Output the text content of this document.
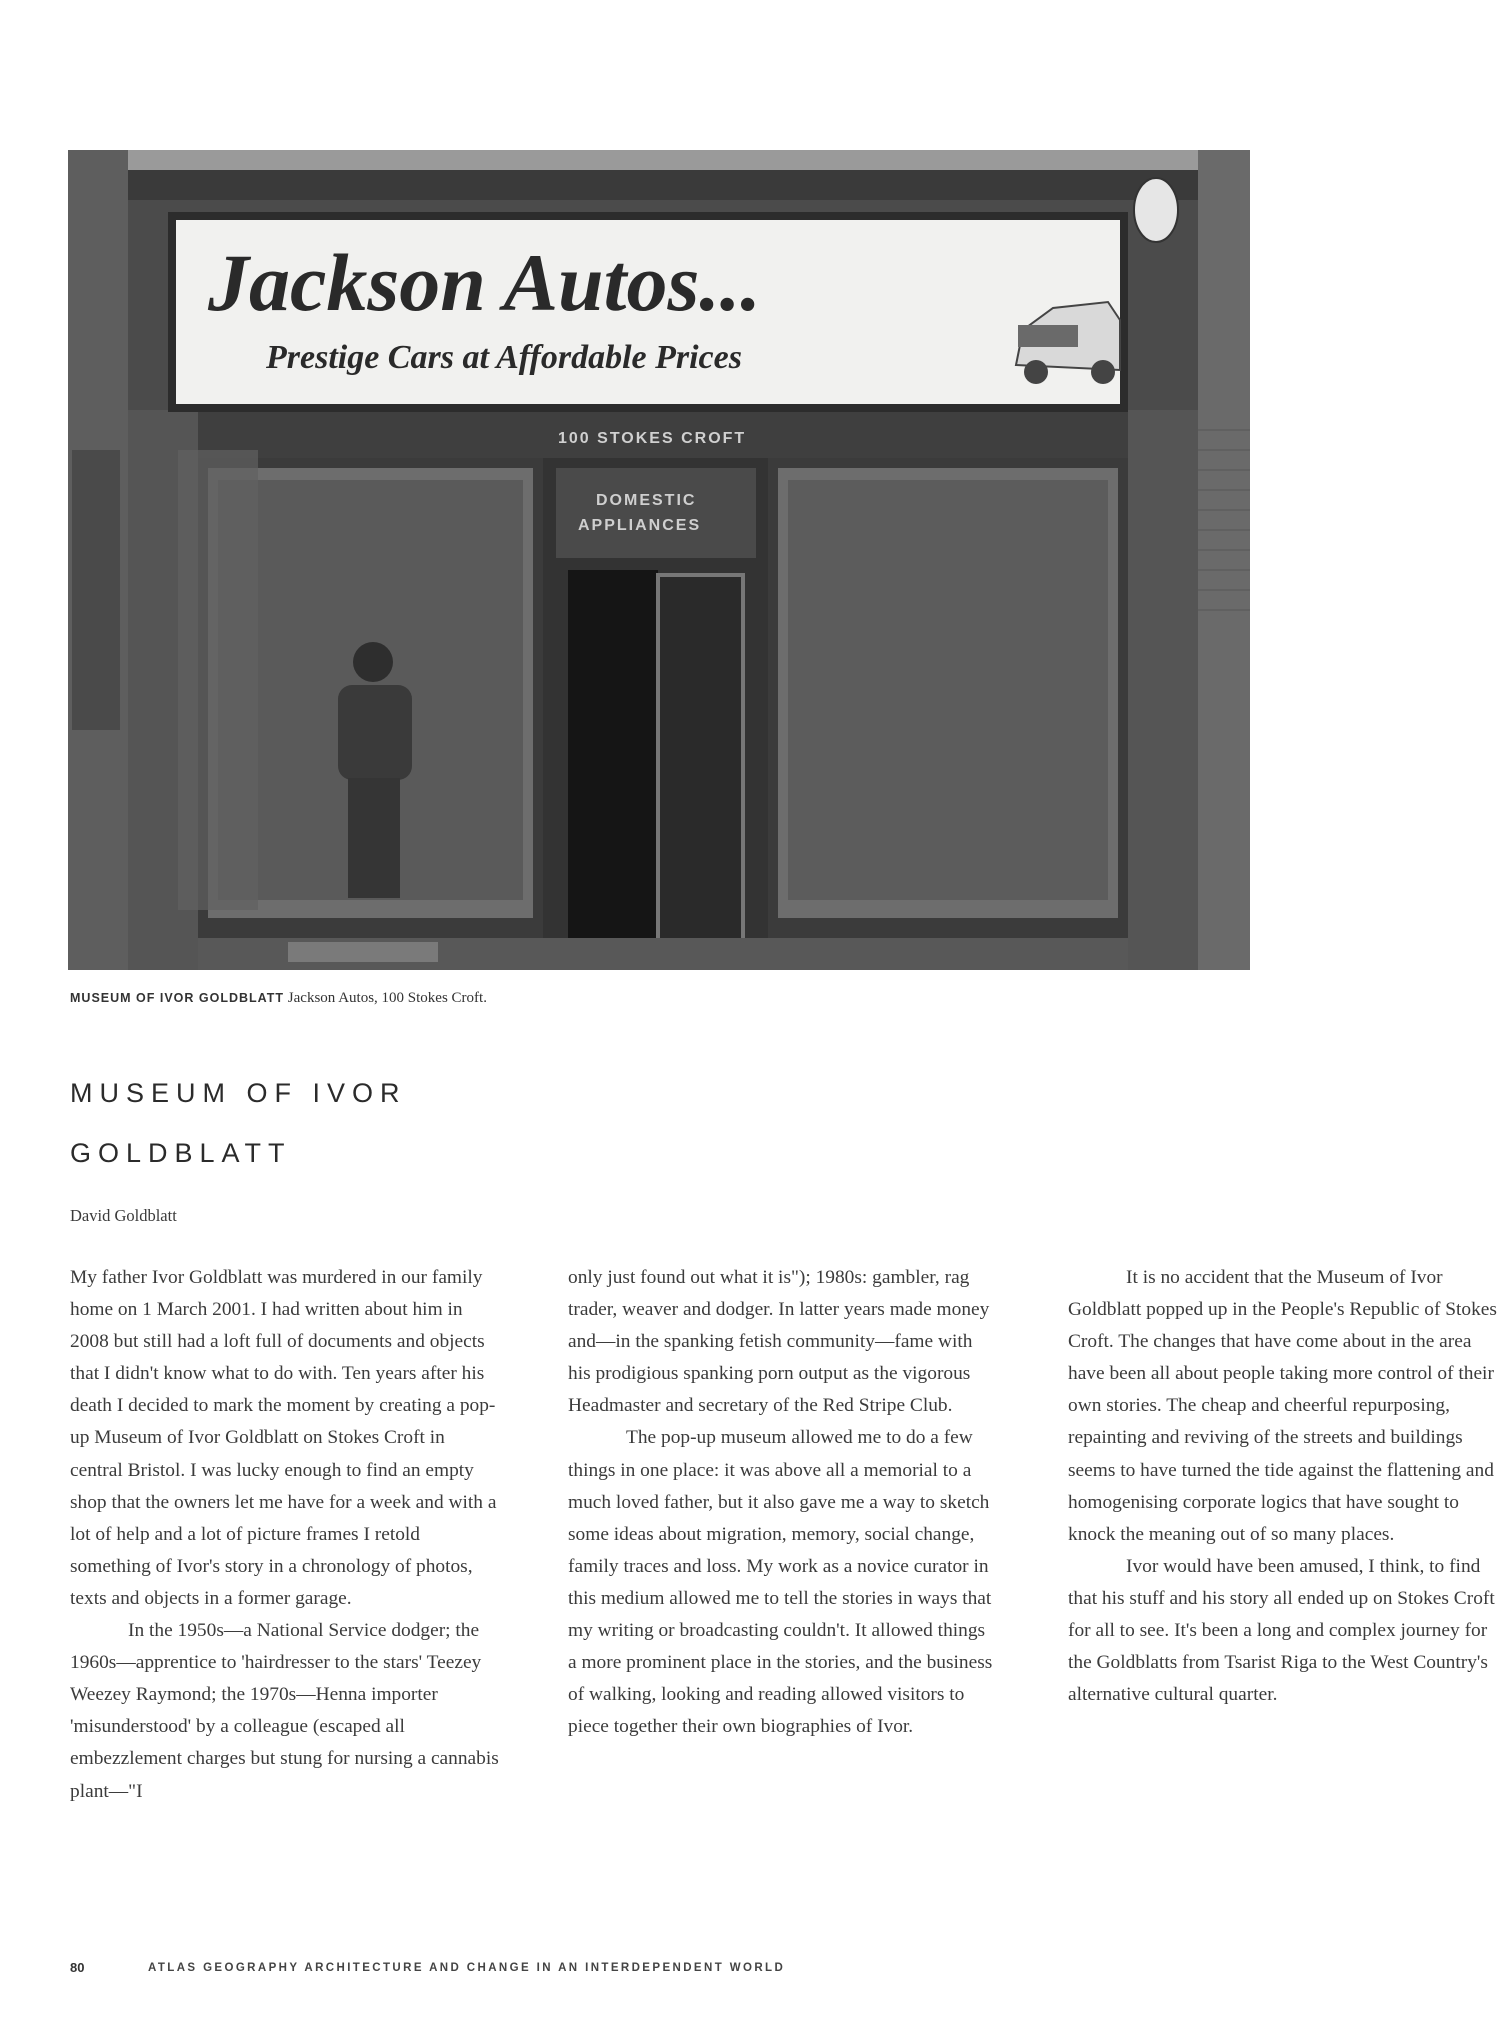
Jackson Autos...
Prestige Cars at Affordable Prices
100 STOKES CROFT
DOMESTIC
APPLIANCES
MUSEUM OF IVOR GOLDBLATT Jackson Autos, 100 Stokes Croft.
MUSEUM OF IVOR GOLDBLATT
David Goldblatt

My father Ivor Goldblatt was murdered in our family home on 1 March 2001. I had written about him in 2008 but still had a loft full of documents and objects that I didn't know what to do with. Ten years after his death I decided to mark the moment by creating a pop-up Museum of Ivor Goldblatt on Stokes Croft in central Bristol. I was lucky enough to find an empty shop that the owners let me have for a week and with a lot of help and a lot of picture frames I retold something of Ivor's story in a chronology of photos, texts and objects in a former garage.

In the 1950s—a National Service dodger; the 1960s—apprentice to 'hairdresser to the stars' Teezey Weezey Raymond; the 1970s—Henna importer 'misunderstood' by a colleague (escaped all embezzlement charges but stung for nursing a cannabis plant—"I

only just found out what it is"); 1980s: gambler, rag trader, weaver and dodger. In latter years made money and—in the spanking fetish community—fame with his prodigious spanking porn output as the vigorous Headmaster and secretary of the Red Stripe Club.

The pop-up museum allowed me to do a few things in one place: it was above all a memorial to a much loved father, but it also gave me a way to sketch some ideas about migration, memory, social change, family traces and loss. My work as a novice curator in this medium allowed me to tell the stories in ways that my writing or broadcasting couldn't. It allowed things a more prominent place in the stories, and the business of walking, looking and reading allowed visitors to piece together their own biographies of Ivor.

It is no accident that the Museum of Ivor Goldblatt popped up in the People's Republic of Stokes Croft. The changes that have come about in the area have been all about people taking more control of their own stories. The cheap and cheerful repurposing, repainting and reviving of the streets and buildings seems to have turned the tide against the flattening and homogenising corporate logics that have sought to knock the meaning out of so many places.

Ivor would have been amused, I think, to find that his stuff and his story all ended up on Stokes Croft for all to see. It's been a long and complex journey for the Goldblatts from Tsarist Riga to the West Country's alternative cultural quarter.

80	ATLAS GEOGRAPHY ARCHITECTURE AND CHANGE IN AN INTERDEPENDENT WORLD
